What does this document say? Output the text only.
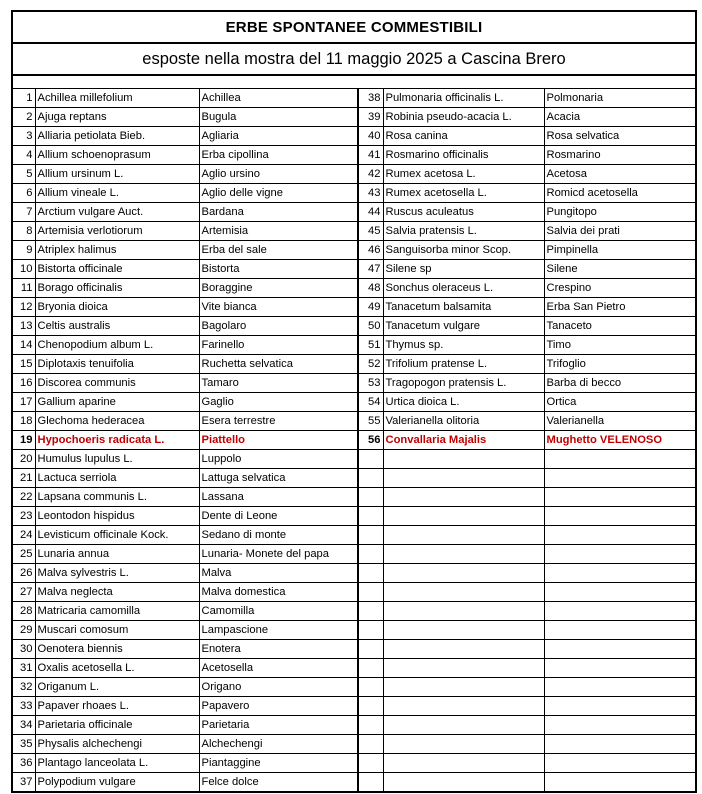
ERBE SPONTANEE COMMESTIBILI
esposte nella mostra del 11 maggio 2025 a Cascina Brero
1	Achillea millefolium	Achillea	38	Pulmonaria officinalis L.	Polmonaria
2	Ajuga reptans	Bugula	39	Robinia pseudo-acacia L.	Acacia
3	Alliaria petiolata Bieb.	Agliaria	40	Rosa canina	Rosa selvatica
4	Allium schoenoprasum	Erba cipollina	41	Rosmarino officinalis	Rosmarino
5	Allium ursinum L.	Aglio ursino	42	Rumex acetosa L.	Acetosa
6	Allium vineale L.	Aglio delle vigne	43	Rumex acetosella L.	Romicd acetosella
7	Arctium vulgare Auct.	Bardana	44	Ruscus aculeatus	Pungitopo
8	Artemisia verlotiorum	Artemisia	45	Salvia pratensis L.	Salvia dei prati
9	Atriplex halimus	Erba del sale	46	Sanguisorba minor Scop.	Pimpinella
10	Bistorta officinale	Bistorta	47	Silene sp	Silene
11	Borago officinalis	Boraggine	48	Sonchus oleraceus L.	Crespino
12	Bryonia dioica	Vite bianca	49	Tanacetum balsamita	Erba San Pietro
13	Celtis australis	Bagolaro	50	Tanacetum vulgare	Tanaceto
14	Chenopodium album L.	Farinello	51	Thymus sp.	Timo
15	Diplotaxis tenuifolia	Ruchetta selvatica	52	Trifolium pratense L.	Trifoglio
16	Discorea communis	Tamaro	53	Tragopogon pratensis L.	Barba di becco
17	Gallium aparine	Gaglio	54	Urtica dioica L.	Ortica
18	Glechoma hederacea	Esera terrestre	55	Valerianella olitoria	Valerianella
19	Hypochoeris radicata L.	Piattello	56	Convallaria Majalis	Mughetto VELENOSO
20	Humulus lupulus L.	Luppolo			
21	Lactuca serriola	Lattuga selvatica			
22	Lapsana communis L.	Lassana			
23	Leontodon hispidus	Dente di Leone			
24	Levisticum officinale Kock.	Sedano di monte			
25	Lunaria annua	Lunaria- Monete del papa			
26	Malva sylvestris L.	Malva			
27	Malva neglecta	Malva domestica			
28	Matricaria camomilla	Camomilla			
29	Muscari comosum	Lampascione			
30	Oenotera biennis	Enotera			
31	Oxalis acetosella L.	Acetosella			
32	Origanum L.	Origano			
33	Papaver rhoaes L.	Papavero			
34	Parietaria officinale	Parietaria			
35	Physalis alchechengi	Alchechengi			
36	Plantago lanceolata L.	Piantaggine			
37	Polypodium vulgare	Felce dolce			
